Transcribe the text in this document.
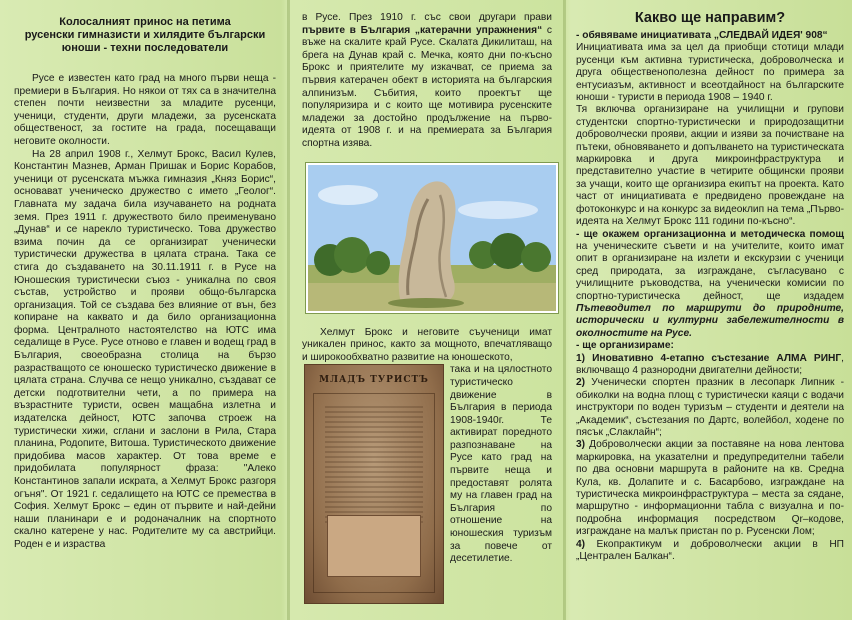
Колосалният принос на петима
русенски гимназисти и хилядите български
юноши - техни последователи

Русе е известен като град на много първи неща - премиери в България. Но някои от тях са в значителна степен почти неизвестни за младите русенци, ученици, студенти, други младежи, за русенската общественост, за гостите на града, посещаващи неговите околности.

На 28 април 1908 г., Хелмут Брокс, Васил Кулев, Константин Мазнев, Арман Пришак и Борис Корабов, ученици от русенската мъжка гимназия „Княз Борис“, основават ученическо дружество с името „Геолог“. Главната му задача била изучаването на родната земя. През 1911 г. дружеството било преименувано „Дунав“ и се нарекло туристическо. Това дружество взима почин да се организират ученически туристически дружества в цялата страна. Така се стига до създаването на 30.11.1911 г. в Русе на Юношеския туристически съюз - уникална по своя състав, устройство и прояви общо-българска организация. Той се създава без влияние от вън, без копиране на каквато и да било организационна форма. Централното настоятелство на ЮТС има седалище в Русе. Русе отново е главен и водещ град в България, своеобразна столица на бързо разрастващото се юношеско туристическо движение в цялата страна. Случва се нещо уникално, създават се детски подготвителни чети, а по примера на възрастните туристи, освен мащабна излетна и издателска дейност, ЮТС започва строеж на туристически хижи, сглани и заслони в Рила, Стара планина, Родопите, Витоша. Туристическото движение придобива масов характер. От това време е придобилата популярност фраза: "Алеко Константинов запали искрата, а Хелмут Брокс разгоря огъня". От 1921 г. седалището на ЮТС се премества в София. Хелмут Брокс – един от първите и най-дейни наши планинари е и родоначалник на спортното скално катерене у нас. Родителите му са австрийци. Роден е и израства

в Русе. През 1910 г. със свои другари прави първите в България „катерачни упражнения“ с въже на скалите край Русе. Скалата Дикилиташ, на брега на Дунав край с. Мечка, която дни по-късно Брокс и приятелите му изкачват, се приема за първия катерачен обект в историята на българския алпинизъм. Събития, които проектът ще популяризира и с които ще мотивира русенските младежи за достойно продължение на първо-идеята от 1908 г. и на премиерата за България спортна изява.

Хелмут Брокс и неговите съученици имат уникален принос, както за мощното, впечатляващо и широкообхватно развитие на юношеското,

МЛАДЪ ТУРИСТЪ

така и на цялостното туристическо движение в България в периода 1908-1940г. Те активират поредното разпознаване на Русе като град на първите неща и предоставят ролята му на главен град на България по отношение на юношеския туризъм за повече от десетилетие.

Какво ще направим?

- обявяваме инициативата „СЛЕДВАЙ ИДЕЯ' 908“

Инициативата има за цел да приобщи стотици млади русенци към активна туристическа, доброволческа и друга общественополезна дейност по примера за ентусиазъм, активност и всеотдайност на българските юноши - туристи в периода 1908 – 1940 г.

Тя включва организиране на училищни и групови студентски спортно-туристически и природозащитни доброволчески прояви, акции и изяви за почистване на пътеки, обновяването и допълването на туристическата маркировка и друга микроинфраструктура и представително участие в четирите общински прояви за учащи, които ще организира екипът на проекта. Като част от инициативата е предвидено провеждане на фотоконкурс и на конкурс за видеоклип на тема „Първо-идеята на Хелмут Брокс 111 години по-късно“.

- ще окажем организационна и методическа помощ на ученическите съвети и на учителите, които имат опит в организиране на излети и екскурзии с ученици сред природата, за изграждане, съгласувано с училищните ръководства, на ученически комисии по спортно-туристическа дейност, ще издадем Пътеводител по маршрути до природните, исторически и културни забележителности в околностите на Русе.

- ще организираме:

1) Иновативно 4-етапно състезание АЛМА РИНГ, включващо 4 разнородни двигателни дейности;

2) Ученически спортен празник в лесопарк Липник - обиколки на водна площ с туристически каяци с водачи инструктори по воден туризъм – студенти и деятели на „Академик“, състезания по Дартс, волейбол, ходене по пясък „Слаклайн“;

3) Доброволчески акции за поставяне на нова лентова маркировка, на указателни и предупредителни табели по два основни маршрута в районите на кв. Средна Кула, кв. Долапите и с. Басарбово, изграждане на туристическа микроинфраструктура – места за сядане, маршрутно - информационни табла с визуална и по-подробна информация посредством Qr–кодове, изграждане на малък пристан по р. Русенски Лом;

4) Екопрактикум и доброволчески акции в НП „Централен Балкан“.
